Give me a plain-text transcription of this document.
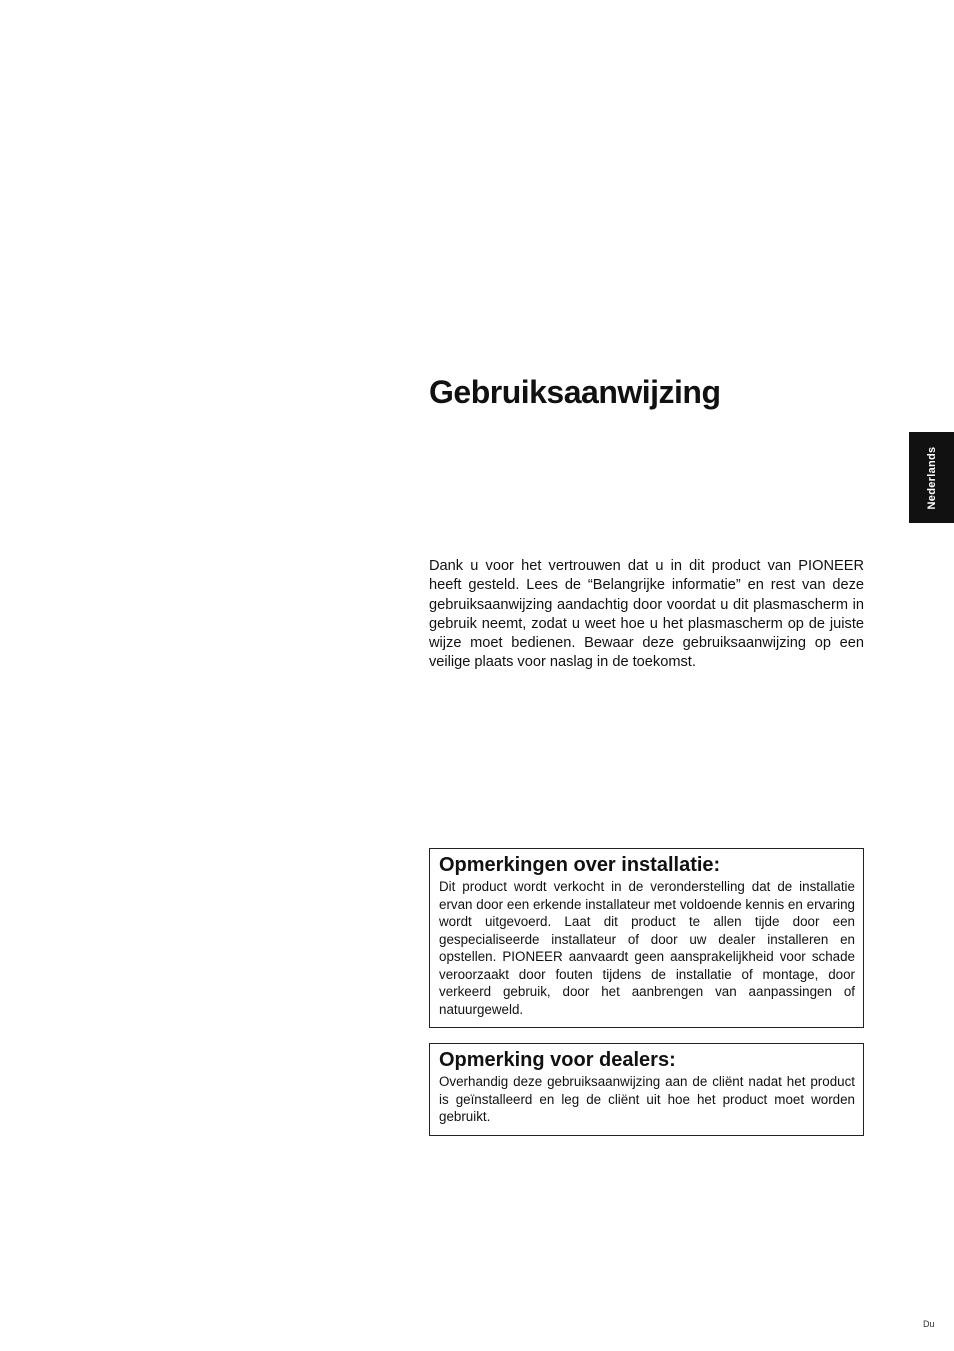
Gebruiksaanwijzing
Nederlands

Dank u voor het vertrouwen dat u in dit product van PIONEER heeft gesteld. Lees de “Belangrijke informatie” en rest van deze gebruiksaanwijzing aandachtig door voordat u dit plasmascherm in gebruik neemt, zodat u weet hoe u het plasmascherm op de juiste wijze moet bedienen. Bewaar deze gebruiksaanwijzing op een veilige plaats voor naslag in de toekomst.

Opmerkingen over installatie:

Dit product wordt verkocht in de veronderstelling dat de installatie ervan door een erkende installateur met voldoende kennis en ervaring wordt uitgevoerd. Laat dit product te allen tijde door een gespecialiseerde installateur of door uw dealer installeren en opstellen. PIONEER aanvaardt geen aansprakelijkheid voor schade veroorzaakt door fouten tijdens de installatie of montage, door verkeerd gebruik, door het aanbrengen van aanpassingen of natuurgeweld.

Opmerking voor dealers:

Overhandig deze gebruiksaanwijzing aan de cliënt nadat het product is geïnstalleerd en leg de cliënt uit hoe het product moet worden gebruikt.

Du
